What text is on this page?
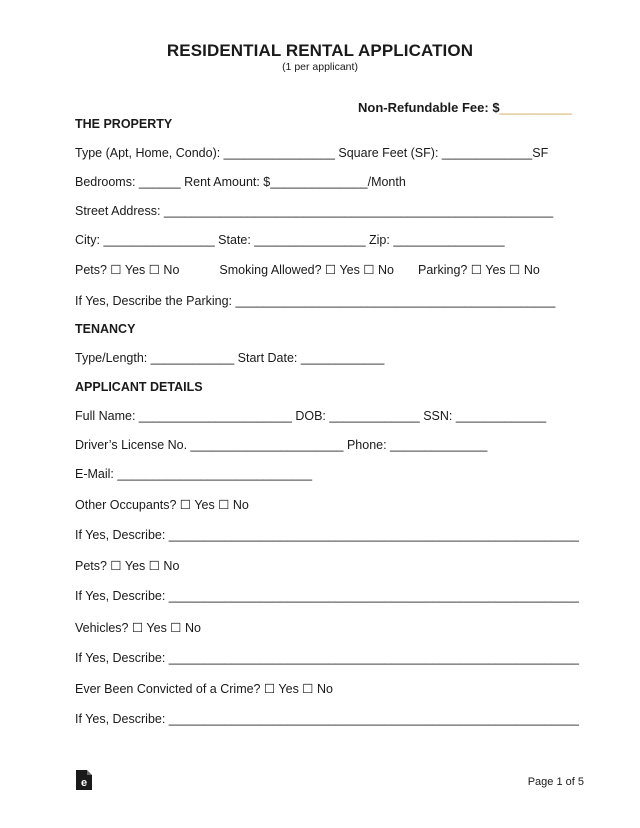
RESIDENTIAL RENTAL APPLICATION
(1 per applicant)
Non-Refundable Fee: $__________
THE PROPERTY
Type (Apt, Home, Condo): ________________ Square Feet (SF): _____________SF
Bedrooms: ______ Rent Amount: $______________/Month
Street Address: ________________________________________________________
City: ________________ State: ________________ Zip: ________________
Pets? ☐ Yes ☐ No	Smoking Allowed? ☐ Yes ☐ No Parking? ☐ Yes ☐ No
If Yes, Describe the Parking: ______________________________________________
TENANCY
Type/Length: ____________ Start Date: ____________
APPLICANT DETAILS
Full Name: ______________________ DOB: _____________ SSN: _____________
Driver’s License No. ______________________ Phone: ______________
E-Mail: ____________________________
Other Occupants? ☐ Yes ☐ No
If Yes, Describe: ___________________________________________________________
Pets? ☐ Yes ☐ No
If Yes, Describe: ___________________________________________________________
Vehicles? ☐ Yes ☐ No
If Yes, Describe: ___________________________________________________________
Ever Been Convicted of a Crime? ☐ Yes ☐ No
If Yes, Describe: ___________________________________________________________
e	Page 1 of 5
